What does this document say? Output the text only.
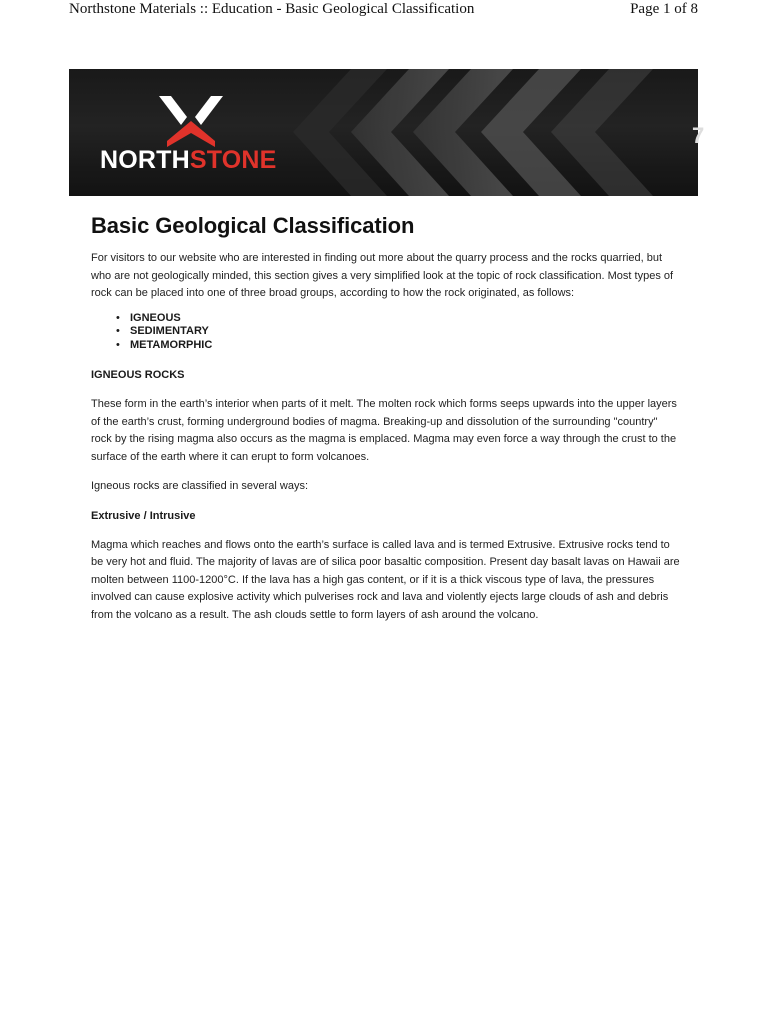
Northstone Materials :: Education - Basic Geological Classification	Page 1 of 8
NORTHSTONE
7
Basic Geological Classification

For visitors to our website who are interested in finding out more about the quarry process and the rocks quarried, but who are not geologically minded, this section gives a very simplified look at the topic of rock classification. Most types of rock can be placed into one of three broad groups, according to how the rock originated, as follows:

• IGNEOUS
• SEDIMENTARY
• METAMORPHIC
IGNEOUS ROCKS

These form in the earth’s interior when parts of it melt. The molten rock which forms seeps upwards into the upper layers of the earth’s crust, forming underground bodies of magma. Breaking-up and dissolution of the surrounding "country" rock by the rising magma also occurs as the magma is emplaced. Magma may even force a way through the crust to the surface of the earth where it can erupt to form volcanoes.

Igneous rocks are classified in several ways:

Extrusive / Intrusive

Magma which reaches and flows onto the earth’s surface is called lava and is termed Extrusive. Extrusive rocks tend to be very hot and fluid. The majority of lavas are of silica poor basaltic composition. Present day basalt lavas on Hawaii are molten between 1100-1200°C. If the lava has a high gas content, or if it is a thick viscous type of lava, the pressures involved can cause explosive activity which pulverises rock and lava and violently ejects large clouds of ash and debris from the volcano as a result. The ash clouds settle to form layers of ash around the volcano.
